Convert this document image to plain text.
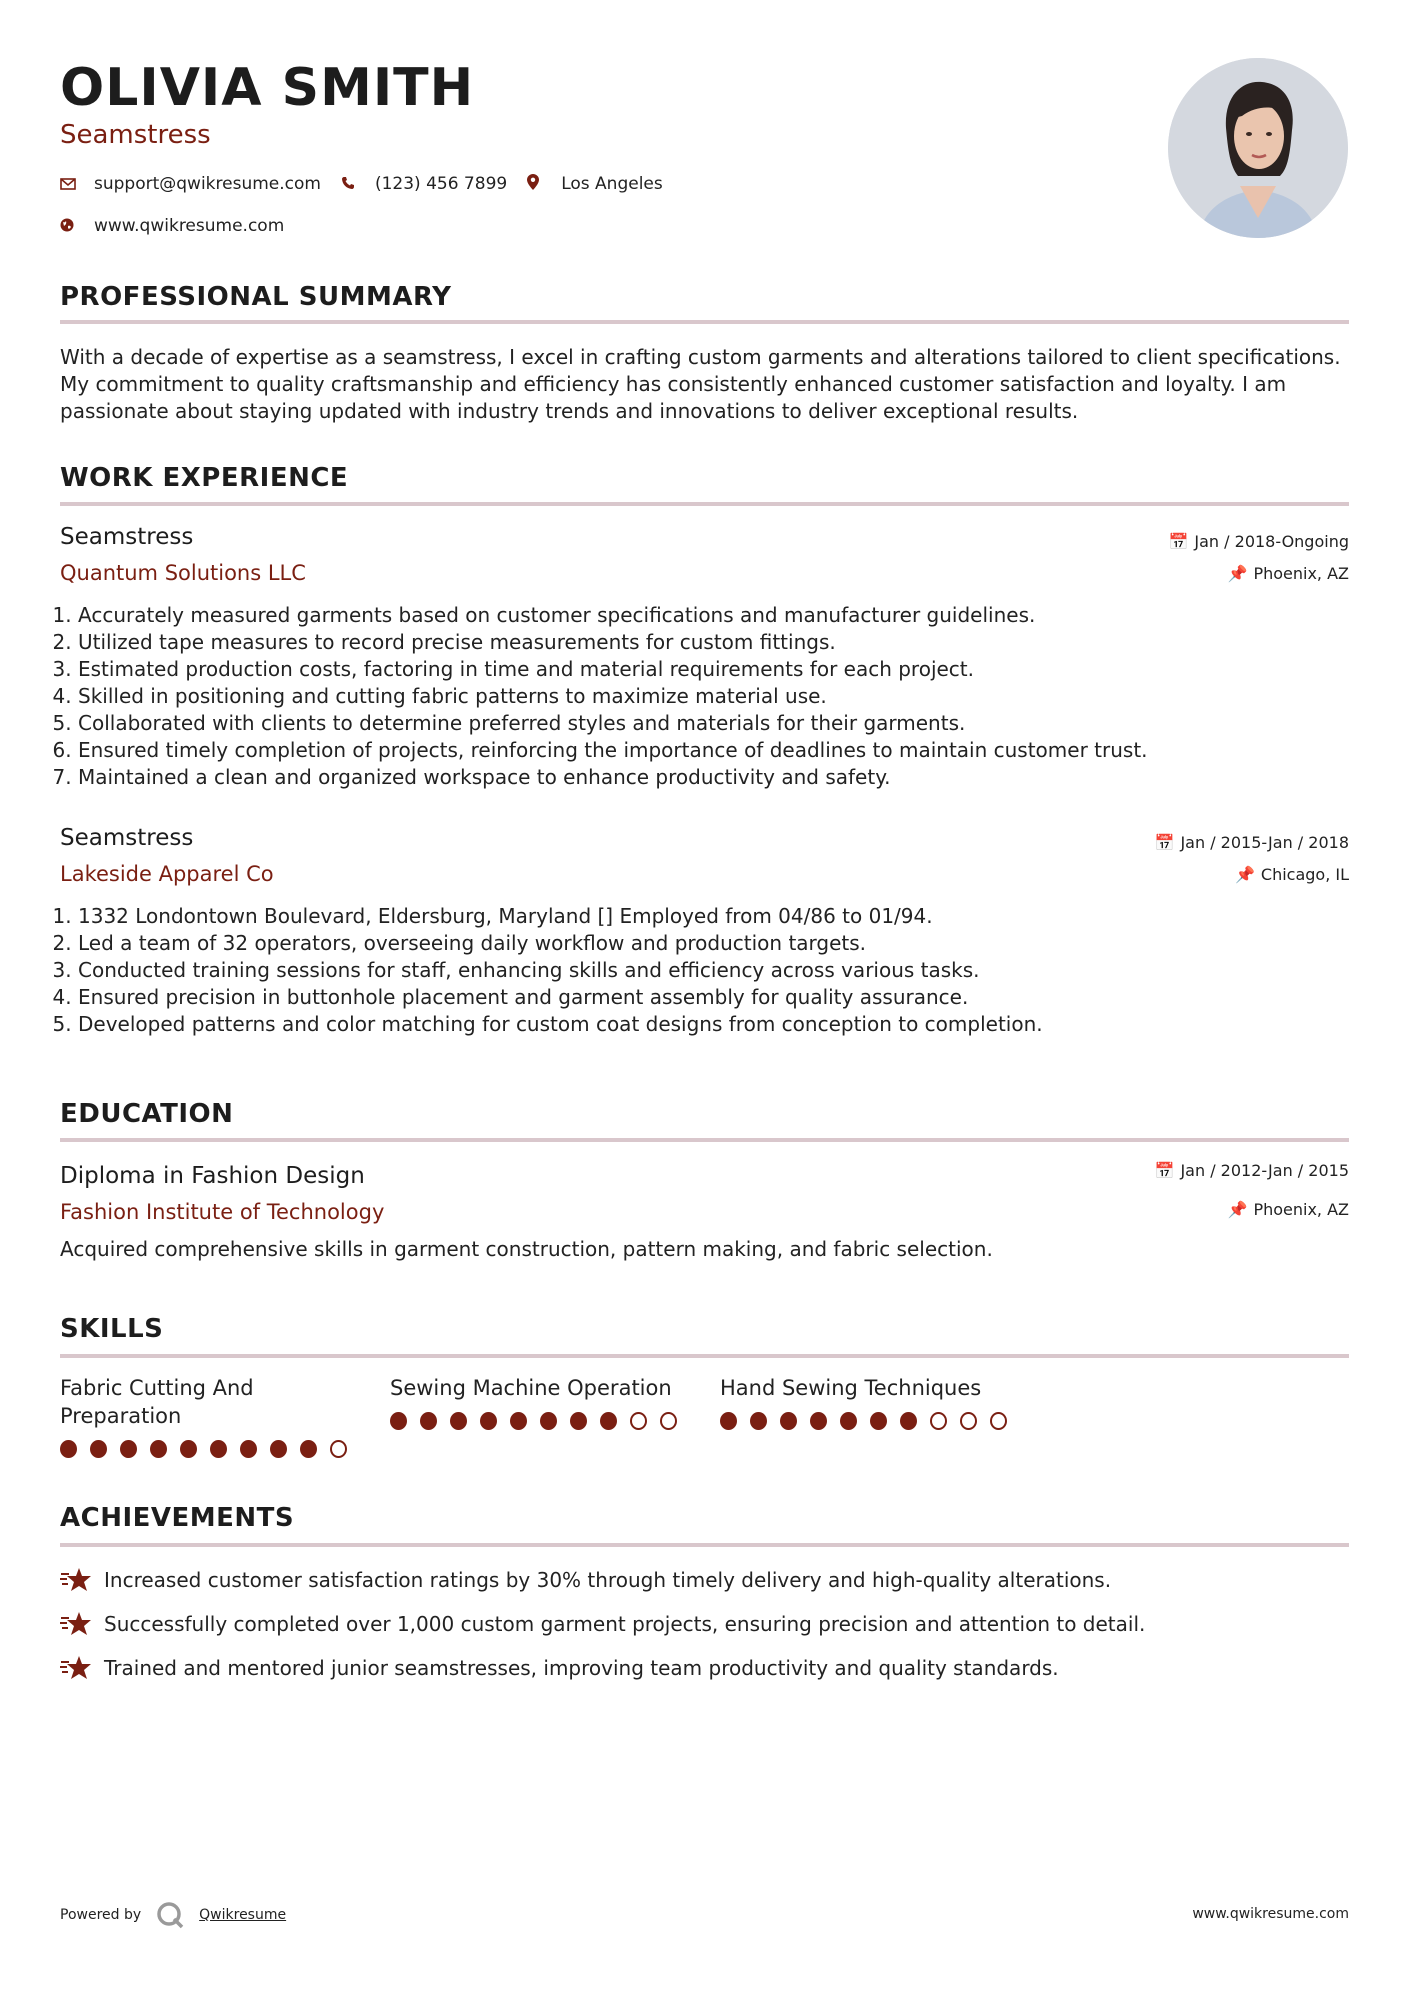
OLIVIA SMITH
Seamstress
support@qwikresume.com	(123) 456 7899	Los Angeles
www.qwikresume.com
PROFESSIONAL SUMMARY

With a decade of expertise as a seamstress, I excel in crafting custom garments and alterations tailored to client specifications. My commitment to quality craftsmanship and efficiency has consistently enhanced customer satisfaction and loyalty. I am passionate about staying updated with industry trends and innovations to deliver exceptional results.

WORK EXPERIENCE
Seamstress
Quantum Solutions LLC
📅 Jan / 2018-Ongoing
📌 Phoenix, AZ
1. Accurately measured garments based on customer specifications and manufacturer guidelines.
2. Utilized tape measures to record precise measurements for custom fittings.
3. Estimated production costs, factoring in time and material requirements for each project.
4. Skilled in positioning and cutting fabric patterns to maximize material use.
5. Collaborated with clients to determine preferred styles and materials for their garments.
6. Ensured timely completion of projects, reinforcing the importance of deadlines to maintain customer trust.
7. Maintained a clean and organized workspace to enhance productivity and safety.
Seamstress
Lakeside Apparel Co
📅 Jan / 2015-Jan / 2018
📌 Chicago, IL
1. 1332 Londontown Boulevard, Eldersburg, Maryland [] Employed from 04/86 to 01/94.
2. Led a team of 32 operators, overseeing daily workflow and production targets.
3. Conducted training sessions for staff, enhancing skills and efficiency across various tasks.
4. Ensured precision in buttonhole placement and garment assembly for quality assurance.
5. Developed patterns and color matching for custom coat designs from conception to completion.
EDUCATION
Diploma in Fashion Design
Fashion Institute of Technology
📅 Jan / 2012-Jan / 2015
📌 Phoenix, AZ

Acquired comprehensive skills in garment construction, pattern making, and fabric selection.

SKILLS
Fabric Cutting And Preparation
Sewing Machine Operation	Hand Sewing Techniques
ACHIEVEMENTS
Increased customer satisfaction ratings by 30% through timely delivery and high-quality alterations.
Successfully completed over 1,000 custom garment projects, ensuring precision and attention to detail.
Trained and mentored junior seamstresses, improving team productivity and quality standards.
Powered by	Qwikresume	www.qwikresume.com
